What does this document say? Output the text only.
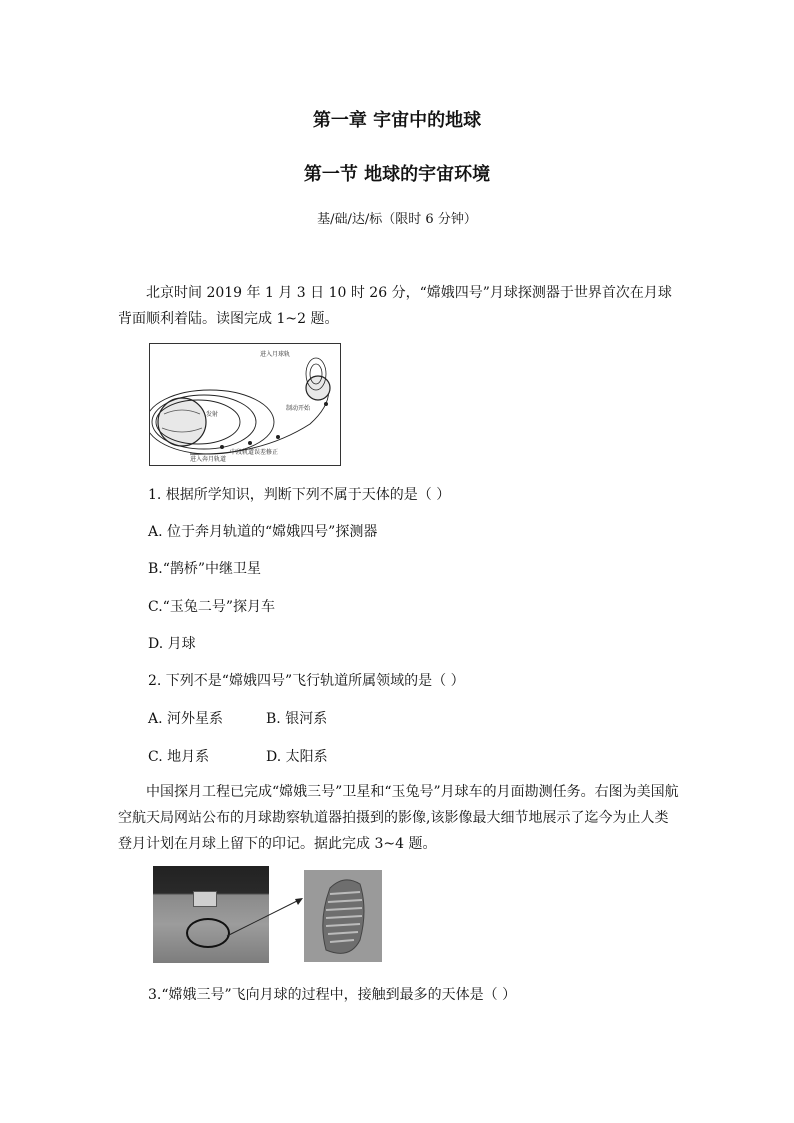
第一章 宇宙中的地球
第一节 地球的宇宙环境
基/础/达/标（限时 6 分钟）
北京时间 2019 年 1 月 3 日 10 时 26 分，“嫦娥四号”月球探测器于世界首次在月球背面顺利着陆。读图完成 1~2 题。
进入月球轨
制动开始
发射
进入奔月轨道
中段轨道误差修正
1. 根据所学知识，判断下列不属于天体的是（ ）
A. 位于奔月轨道的“嫦娥四号”探测器
B.“鹊桥”中继卫星
C.“玉兔二号”探月车
D. 月球
2. 下列不是“嫦娥四号”飞行轨道所属领域的是（ ）
A. 河外星系	B. 银河系
C. 地月系	D. 太阳系
中国探月工程已完成“嫦娥三号”卫星和“玉兔号”月球车的月面勘测任务。右图为美国航空航天局网站公布的月球勘察轨道器拍摄到的影像,该影像最大细节地展示了迄今为止人类登月计划在月球上留下的印记。据此完成 3~4 题。
3.“嫦娥三号”飞向月球的过程中，接触到最多的天体是（ ）
